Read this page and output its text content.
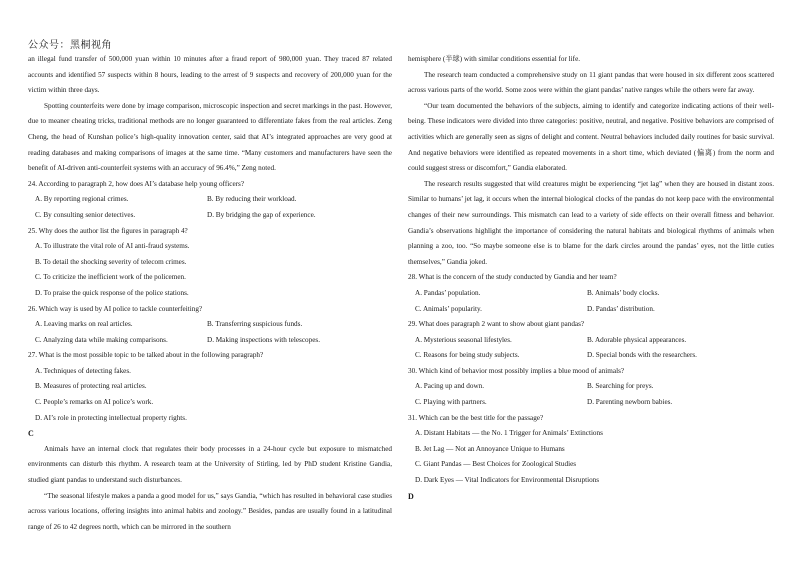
公众号：黑桐视角

an illegal fund transfer of 500,000 yuan within 10 minutes after a fraud report of 980,000 yuan. They traced 87 related accounts and identified 57 suspects within 8 hours, leading to the arrest of 9 suspects and recovery of 200,000 yuan for the victim within three days.

Spotting counterfeits were done by image comparison, microscopic inspection and secret markings in the past. However, due to meaner cheating tricks, traditional methods are no longer guaranteed to differentiate fakes from the real articles. Zeng Cheng, the head of Kunshan police’s high-quality innovation center, said that AI’s integrated approaches are very good at reading databases and making comparisons of images at the same time. “Many customers and manufacturers have seen the benefit of AI-driven anti-counterfeit systems with an accuracy of 96.4%,” Zeng noted.

24. According to paragraph 2, how does AI’s database help young officers?

A. By reporting regional crimes.	B. By reducing their workload.
C. By consulting senior detectives.	D. By bridging the gap of experience.

25. Why does the author list the figures in paragraph 4?

A. To illustrate the vital role of AI anti-fraud systems.

B. To detail the shocking severity of telecom crimes.

C. To criticize the inefficient work of the policemen.

D. To praise the quick response of the police stations.

26. Which way is used by AI police to tackle counterfeiting?

A. Leaving marks on real articles.	B. Transferring suspicious funds.
C. Analyzing data while making comparisons.	D. Making inspections with telescopes.

27. What is the most possible topic to be talked about in the following paragraph?

A. Techniques of detecting fakes.

B. Measures of protecting real articles.

C. People’s remarks on AI police’s work.

D. AI’s role in protecting intellectual property rights.

C

Animals have an internal clock that regulates their body processes in a 24-hour cycle but exposure to mismatched environments can disturb this rhythm. A research team at the University of Stirling, led by PhD student Kristine Gandia, studied giant pandas to understand such disturbances.

“The seasonal lifestyle makes a panda a good model for us,” says Gandia, “which has resulted in behavioral case studies across various locations, offering insights into animal habits and zoology.” Besides, pandas are usually found in a latitudinal range of 26 to 42 degrees north, which can be mirrored in the southern

hemisphere (半球) with similar conditions essential for life.

The research team conducted a comprehensive study on 11 giant pandas that were housed in six different zoos scattered across various parts of the world. Some zoos were within the giant pandas’ native ranges while the others were far away.

“Our team documented the behaviors of the subjects, aiming to identify and categorize indicating actions of their well-being. These indicators were divided into three categories: positive, neutral, and negative. Positive behaviors are comprised of activities which are generally seen as signs of delight and content. Neutral behaviors included daily routines for basic survival. And negative behaviors were identified as repeated movements in a short time, which deviated (偏离) from the norm and could suggest stress or discomfort,” Gandia elaborated.

The research results suggested that wild creatures might be experiencing “jet lag” when they are housed in distant zoos. Similar to humans’ jet lag, it occurs when the internal biological clocks of the pandas do not keep pace with the environmental changes of their new surroundings. This mismatch can lead to a variety of side effects on their overall fitness and behavior. Gandia’s observations highlight the importance of considering the natural habitats and biological rhythms of animals when planning a zoo, too. “So maybe someone else is to blame for the dark circles around the pandas’ eyes, not the little cuties themselves,” Gandia joked.

28. What is the concern of the study conducted by Gandia and her team?

A. Pandas’ population.	B. Animals’ body clocks.
C. Animals’ popularity.	D. Pandas’ distribution.

29. What does paragraph 2 want to show about giant pandas?

A. Mysterious seasonal lifestyles.	B. Adorable physical appearances.
C. Reasons for being study subjects.	D. Special bonds with the researchers.

30. Which kind of behavior most possibly implies a blue mood of animals?

A. Pacing up and down.	B. Searching for preys.
C. Playing with partners.	D. Parenting newborn babies.

31. Which can be the best title for the passage?

A. Distant Habitats — the No. 1 Trigger for Animals’ Extinctions

B. Jet Lag — Not an Annoyance Unique to Humans

C. Giant Pandas — Best Choices for Zoological Studies

D. Dark Eyes — Vital Indicators for Environmental Disruptions

D
